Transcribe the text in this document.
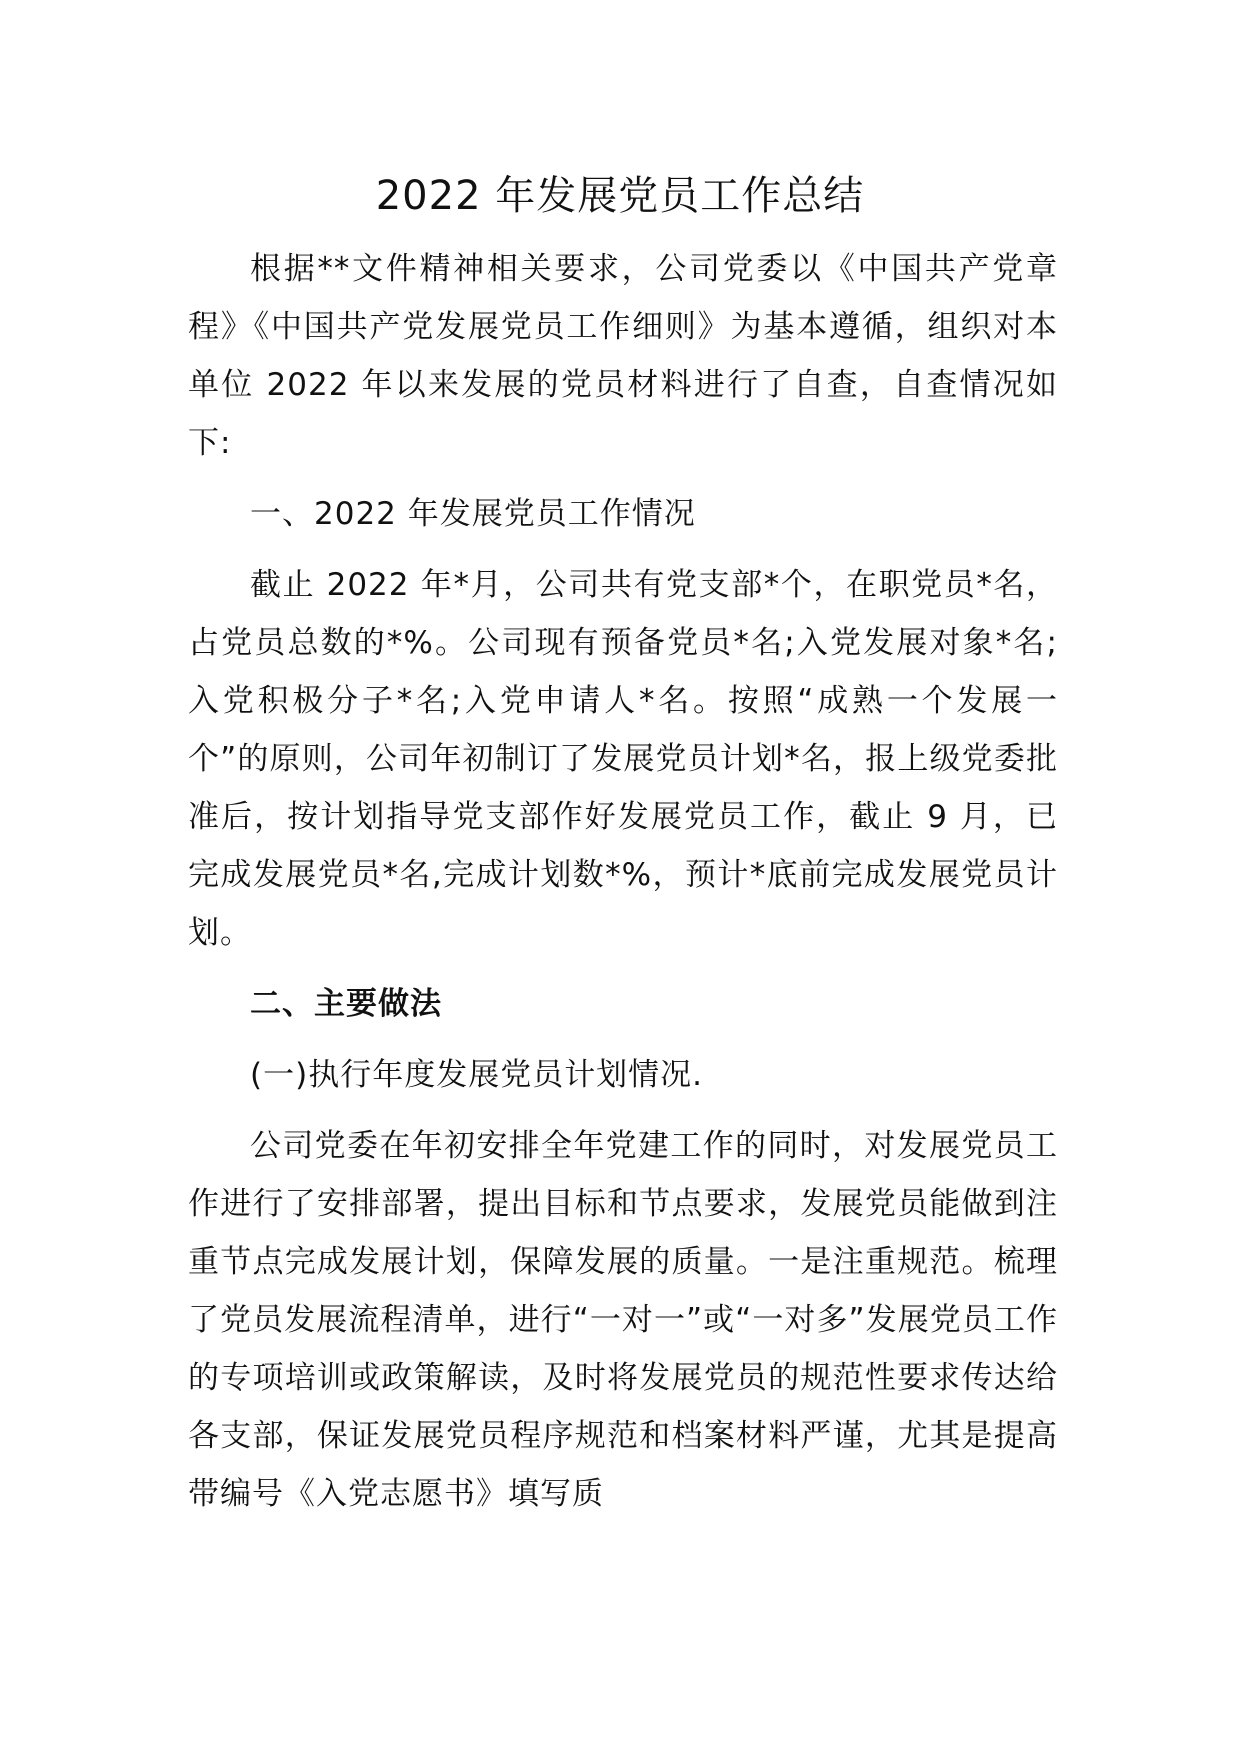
2022 年发展党员工作总结

根据**文件精神相关要求，公司党委以《中国共产党章程》《中国共产党发展党员工作细则》为基本遵循，组织对本单位 2022 年以来发展的党员材料进行了自查，自查情况如下:

一、2022 年发展党员工作情况

截止 2022 年*月，公司共有党支部*个，在职党员*名，占党员总数的*%。公司现有预备党员*名;入党发展对象*名;入党积极分子*名;入党申请人*名。按照“成熟一个发展一个”的原则，公司年初制订了发展党员计划*名，报上级党委批准后，按计划指导党支部作好发展党员工作，截止 9 月，已完成发展党员*名,完成计划数*%，预计*底前完成发展党员计划。

二、主要做法

(一)执行年度发展党员计划情况.

公司党委在年初安排全年党建工作的同时，对发展党员工作进行了安排部署，提出目标和节点要求，发展党员能做到注重节点完成发展计划，保障发展的质量。一是注重规范。梳理了党员发展流程清单，进行“一对一”或“一对多”发展党员工作的专项培训或政策解读，及时将发展党员的规范性要求传达给各支部，保证发展党员程序规范和档案材料严谨，尤其是提高带编号《入党志愿书》填写质
